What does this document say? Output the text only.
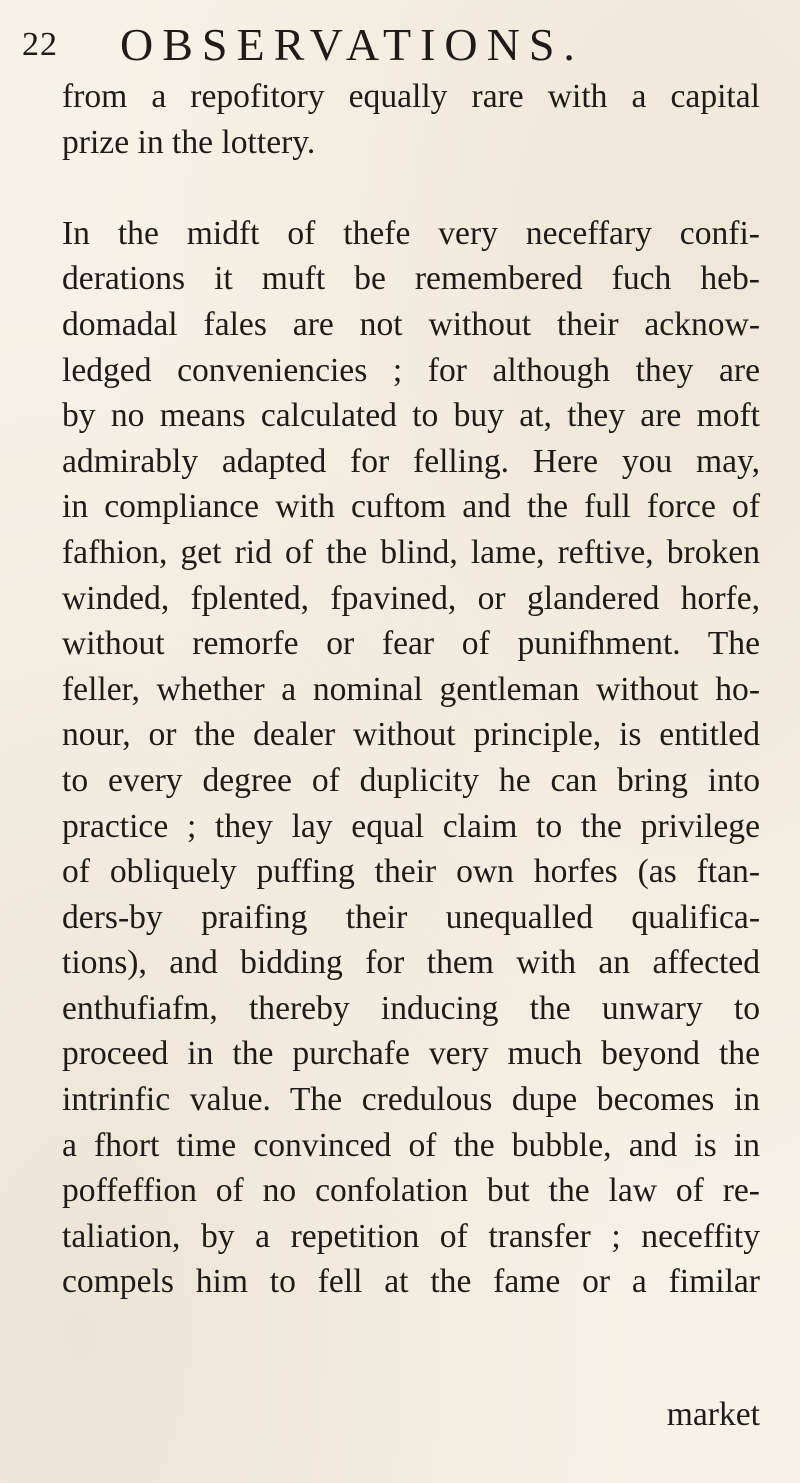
22 OBSERVATIONS.
from a repofitory equally rare with a capital
prize in the lottery.
In the midft of thefe very neceffary confi-
derations it muft be remembered fuch heb-
domadal fales are not without their acknow-
ledged conveniencies ; for although they are
by no means calculated to buy at, they are moft
admirably adapted for felling. Here you may,
in compliance with cuftom and the full force of
fafhion, get rid of the blind, lame, reftive, broken
winded, fplented, fpavined, or glandered horfe,
without remorfe or fear of punifhment. The
feller, whether a nominal gentleman without ho-
nour, or the dealer without principle, is entitled
to every degree of duplicity he can bring into
practice ; they lay equal claim to the privilege
of obliquely puffing their own horfes (as ftan-
ders-by praifing their unequalled qualifica-
tions), and bidding for them with an affected
enthufiafm, thereby inducing the unwary to
proceed in the purchafe very much beyond the
intrinfic value. The credulous dupe becomes in
a fhort time convinced of the bubble, and is in
poffeffion of no confolation but the law of re-
taliation, by a repetition of transfer ; neceffity
compels him to fell at the fame or a fimilar
market
